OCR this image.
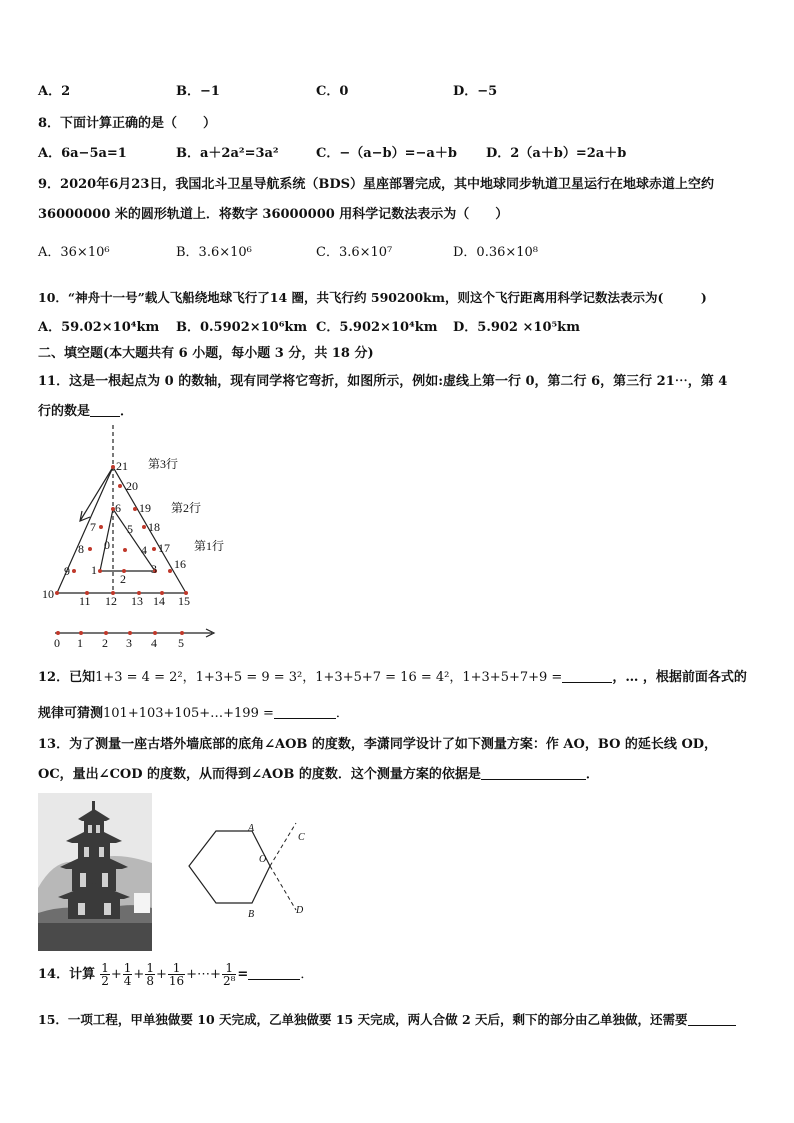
A．2	B．−1	C．0	D．−5
8．下面计算正确的是（　　）
A．6a−5a=1	B．a＋2a²=3a²	C．−（a−b）=−a＋b D．2（a＋b）=2a＋b
9．2020年6月23日，我国北斗卫星导航系统（BDS）星座部署完成，其中地球同步轨道卫星运行在地球赤道上空约
36000000 米的圆形轨道上．将数字 36000000 用科学记数法表示为（　　）
A．36×10⁶	B．3.6×10⁶	C．3.6×10⁷	D．0.36×10⁸
10．“神舟十一号”载人飞船绕地球飞行了14 圈，共飞行约 590200km，则这个飞行距离用科学记数法表示为(　　　)
A．59.02×10⁴km B．0.5902×10⁶km C．5.902×10⁴km D．5.902 ×10⁵km
二、填空题(本大题共有 6 小题，每小题 3 分，共 18 分)
11．这是一根起点为 0 的数轴，现有同学将它弯折，如图所示，例如:虚线上第一行 0，第二行 6，第三行 21⋯，第 4
行的数是 ．
21
20
19
18
17
16
15
14
13
12
11
10
9
8
7
6
5
4
3
2
1
0
第3行
第2行
第1行
0 1 2 3 4 5
12．已知1+3 = 4 = 2²，1+3+5 = 9 = 3²，1+3+5+7 = 16 = 4²，1+3+5+7+9 =	，… ，根据前面各式的
规律可猜测101+103+105+…+199 =	．
13．为了测量一座古塔外墙底部的底角∠AOB 的度数，李潇同学设计了如下测量方案：作 AO，BO 的延长线 OD，
OC，量出∠COD 的度数，从而得到∠AOB 的度数．这个测量方案的依据是	．
A
B
C
D
O
14．计算 $\frac{1}{2} + \frac{1}{4} + \frac{1}{8} + \frac{1}{16}$ +⋯+ $\frac{1}{\text{2⁸}}$ =	．
15．一项工程，甲单独做要 10 天完成，乙单独做要 15 天完成，两人合做 2 天后，剩下的部分由乙单独做，还需要
